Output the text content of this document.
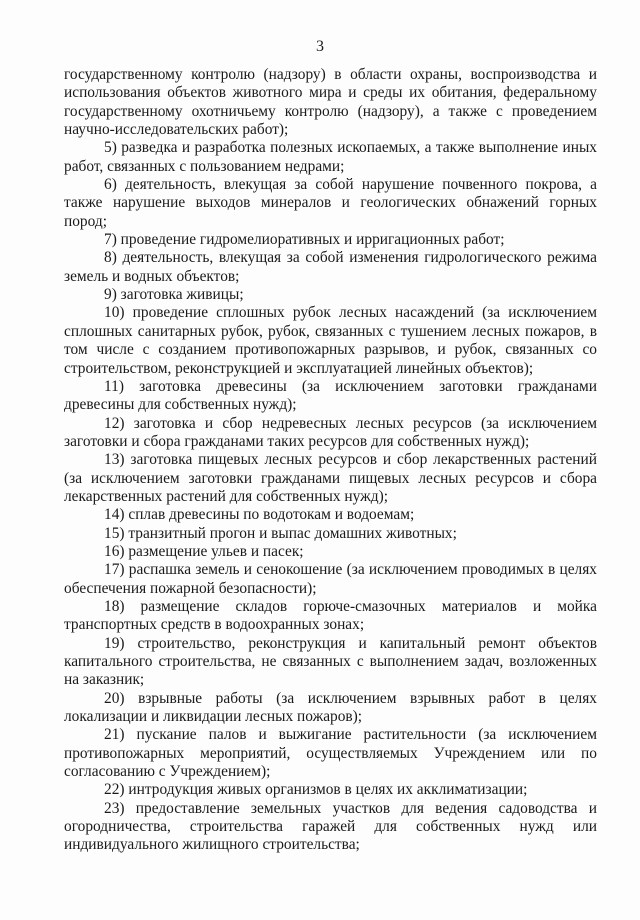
3

государственному контролю (надзору) в области охраны, воспроизводства и использования объектов животного мира и среды их обитания, федеральному государственному охотничьему контролю (надзору), а также с проведением научно-исследовательских работ);

5) разведка и разработка полезных ископаемых, а также выполнение иных работ, связанных с пользованием недрами;

6) деятельность, влекущая за собой нарушение почвенного покрова, а также нарушение выходов минералов и геологических обнажений горных пород;

7) проведение гидромелиоративных и ирригационных работ;

8) деятельность, влекущая за собой изменения гидрологического режима земель и водных объектов;

9) заготовка живицы;

10) проведение сплошных рубок лесных насаждений (за исключением сплошных санитарных рубок, рубок, связанных с тушением лесных пожаров, в том числе с созданием противопожарных разрывов, и рубок, связанных со строительством, реконструкцией и эксплуатацией линейных объектов);

11) заготовка древесины (за исключением заготовки гражданами древесины для собственных нужд);

12) заготовка и сбор недревесных лесных ресурсов (за исключением заготовки и сбора гражданами таких ресурсов для собственных нужд);

13) заготовка пищевых лесных ресурсов и сбор лекарственных растений (за исключением заготовки гражданами пищевых лесных ресурсов и сбора лекарственных растений для собственных нужд);

14) сплав древесины по водотокам и водоемам;

15) транзитный прогон и выпас домашних животных;

16) размещение ульев и пасек;

17) распашка земель и сенокошение (за исключением проводимых в целях обеспечения пожарной безопасности);

18) размещение складов горюче-смазочных материалов и мойка транспортных средств в водоохранных зонах;

19) строительство, реконструкция и капитальный ремонт объектов капитального строительства, не связанных с выполнением задач, возложенных на заказник;

20) взрывные работы (за исключением взрывных работ в целях локализации и ликвидации лесных пожаров);

21) пускание палов и выжигание растительности (за исключением противопожарных мероприятий, осуществляемых Учреждением или по согласованию с Учреждением);

22) интродукция живых организмов в целях их акклиматизации;

23) предоставление земельных участков для ведения садоводства и огородничества, строительства гаражей для собственных нужд или индивидуального жилищного строительства;
